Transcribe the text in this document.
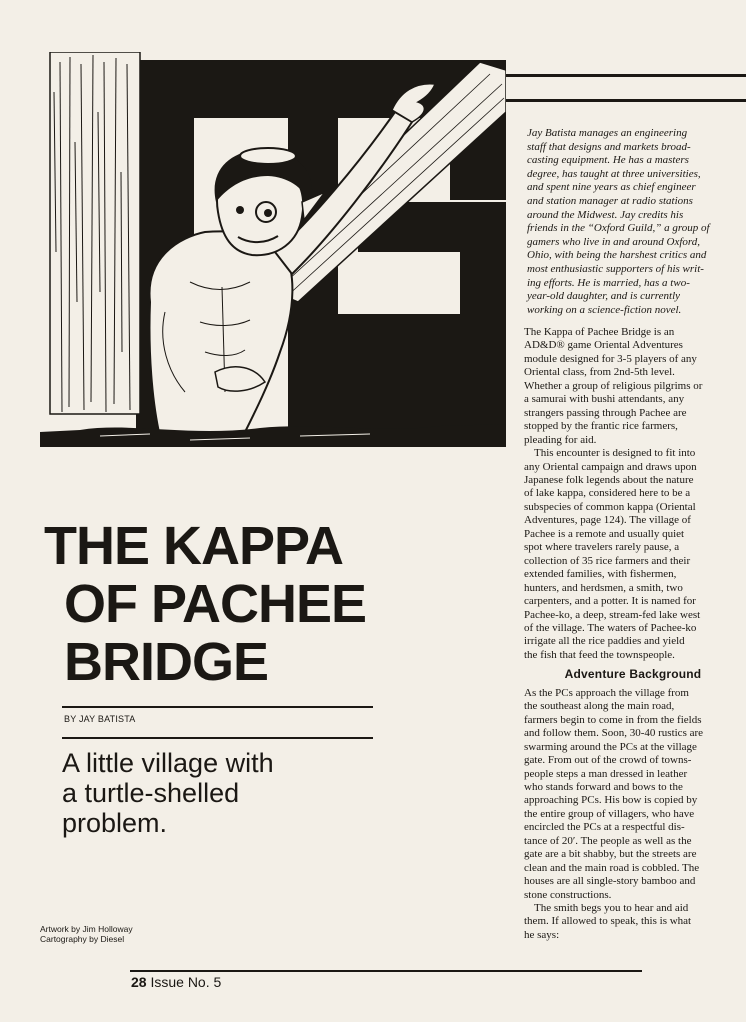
Jay Batista manages an engineering
staff that designs and markets broad-
casting equipment. He has a masters
degree, has taught at three universities,
and spent nine years as chief engineer
and station manager at radio stations
around the Midwest. Jay credits his
friends in the “Oxford Guild,” a group of
gamers who live in and around Oxford,
Ohio, with being the harshest critics and
most enthusiastic supporters of his writ-
ing efforts. He is married, has a two-
year-old daughter, and is currently
working on a science-fiction novel.
The Kappa of Pachee Bridge is an
AD&D® game Oriental Adventures
module designed for 3-5 players of any
Oriental class, from 2nd-5th level.
Whether a group of religious pilgrims or
a samurai with bushi attendants, any
strangers passing through Pachee are
stopped by the frantic rice farmers,
pleading for aid.
This encounter is designed to fit into
any Oriental campaign and draws upon
Japanese folk legends about the nature
of lake kappa, considered here to be a
subspecies of common kappa (Oriental
Adventures, page 124). The village of
Pachee is a remote and usually quiet
spot where travelers rarely pause, a
collection of 35 rice farmers and their
extended families, with fishermen,
hunters, and herdsmen, a smith, two
carpenters, and a potter. It is named for
Pachee-ko, a deep, stream-fed lake west
of the village. The waters of Pachee-ko
irrigate all the rice paddies and yield
the fish that feed the townspeople.
Adventure Background
As the PCs approach the village from
the southeast along the main road,
farmers begin to come in from the fields
and follow them. Soon, 30-40 rustics are
swarming around the PCs at the village
gate. From out of the crowd of towns-
people steps a man dressed in leather
who stands forward and bows to the
approaching PCs. His bow is copied by
the entire group of villagers, who have
encircled the PCs at a respectful dis-
tance of 20′. The people as well as the
gate are a bit shabby, but the streets are
clean and the main road is cobbled. The
houses are all single-story bamboo and
stone constructions.
The smith begs you to hear and aid
them. If allowed to speak, this is what
he says:
THE KAPPA
OF PACHEE
BRIDGE
BY JAY BATISTA
A little village with
a turtle-shelled
problem.
Artwork by Jim Holloway
Cartography by Diesel
28 Issue No. 5
